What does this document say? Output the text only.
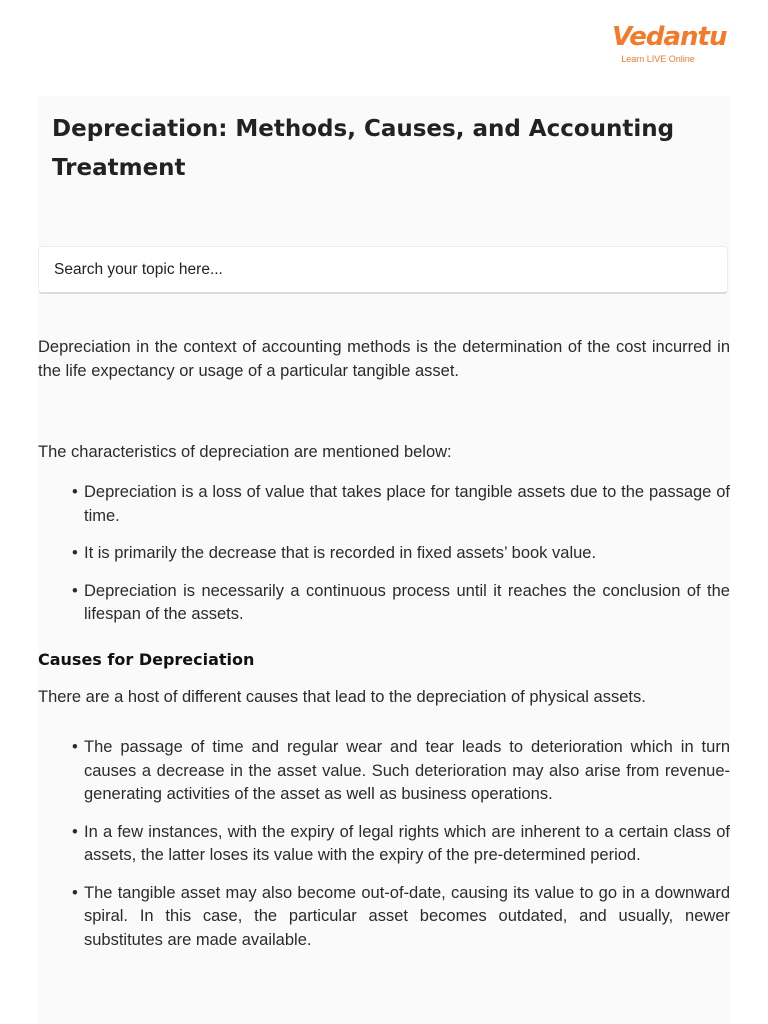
Vedantu
Learn LIVE Online
Depreciation: Methods, Causes, and Accounting Treatment
Search your topic here...

Depreciation in the context of accounting methods is the determination of the cost incurred in the life expectancy or usage of a particular tangible asset.

The characteristics of depreciation are mentioned below:

• Depreciation is a loss of value that takes place for tangible assets due to the passage of time.
• It is primarily the decrease that is recorded in fixed assets’ book value.
• Depreciation is necessarily a continuous process until it reaches the conclusion of the lifespan of the assets.
Causes for Depreciation

There are a host of different causes that lead to the depreciation of physical assets.

• The passage of time and regular wear and tear leads to deterioration which in turn causes a decrease in the asset value. Such deterioration may also arise from revenue-generating activities of the asset as well as business operations.
• In a few instances, with the expiry of legal rights which are inherent to a certain class of assets, the latter loses its value with the expiry of the pre-determined period.
• The tangible asset may also become out-of-date, causing its value to go in a downward spiral. In this case, the particular asset becomes outdated, and usually, newer substitutes are made available.
